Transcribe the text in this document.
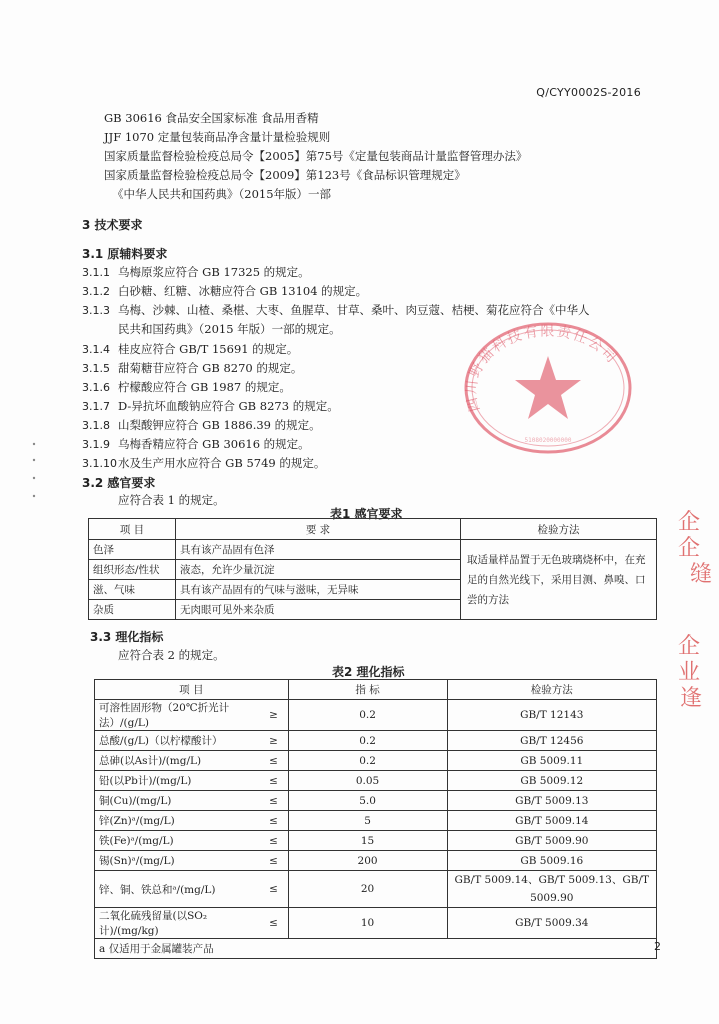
Q/CYY0002S-2016
GB 30616 食品安全国家标准 食品用香精
JJF 1070 定量包装商品净含量计量检验规则
国家质量监督检验检疫总局令【2005】第75号《定量包装商品计量监督管理办法》
国家质量监督检验检疫总局令【2009】第123号《食品标识管理规定》
《中华人民共和国药典》（2015年版）一部
3 技术要求
3.1 原辅料要求
3.1.1 乌梅原浆应符合 GB 17325 的规定。
3.1.2 白砂糖、红糖、冰糖应符合 GB 13104 的规定。
3.1.3 乌梅、沙棘、山楂、桑椹、大枣、鱼腥草、甘草、桑叶、肉豆蔻、桔梗、菊花应符合《中华人
民共和国药典》（2015 年版）一部的规定。
3.1.4 桂皮应符合 GB/T 15691 的规定。
3.1.5 甜菊糖苷应符合 GB 8270 的规定。
3.1.6 柠檬酸应符合 GB 1987 的规定。
3.1.7 D-异抗坏血酸钠应符合 GB 8273 的规定。
3.1.8 山梨酸钾应符合 GB 1886.39 的规定。
3.1.9 乌梅香精应符合 GB 30616 的规定。
3.1.10水及生产用水应符合 GB 5749 的规定。
3.2 感官要求
应符合表 1 的规定。
表1 感官要求
项 目	要 求	检验方法
色泽	具有该产品固有色泽	取适量样品置于无色玻璃烧杯中，在充足的自然光线下，采用目测、鼻嗅、口尝的方法
组织形态/性状	液态，允许少量沉淀	
滋、气味	具有该产品固有的气味与滋味，无异味	
杂质	无肉眼可见外来杂质	
3.3 理化指标
应符合表 2 的规定。
表2 理化指标
项 目		指 标	检验方法
可溶性固形物（20℃折光计法）/(g/L)	≥	0.2	GB/T 12143
总酸/(g/L)（以柠檬酸计）	≥	0.2	GB/T 12456
总砷(以As计)/(mg/L)	≤	0.2	GB 5009.11
铅(以Pb计)/(mg/L)	≤	0.05	GB 5009.12
铜(Cu)/(mg/L)	≤	5.0	GB/T 5009.13
锌(Zn)ᵃ/(mg/L)	≤	5	GB/T 5009.14
铁(Fe)ᵃ/(mg/L)	≤	15	GB/T 5009.90
锡(Sn)ᵃ/(mg/L)	≤	200	GB 5009.16
锌、铜、铁总和ᵃ/(mg/L)	≤	20	GB/T 5009.14、GB/T 5009.13、GB/T 5009.90
二氧化硫残留量(以SO₂计)/(mg/kg)	≤	10	GB/T 5009.34
a 仅适用于金属罐装产品				2
四川野猫科技有限责任公司
5108020000000
企企
缝
企业
逢
